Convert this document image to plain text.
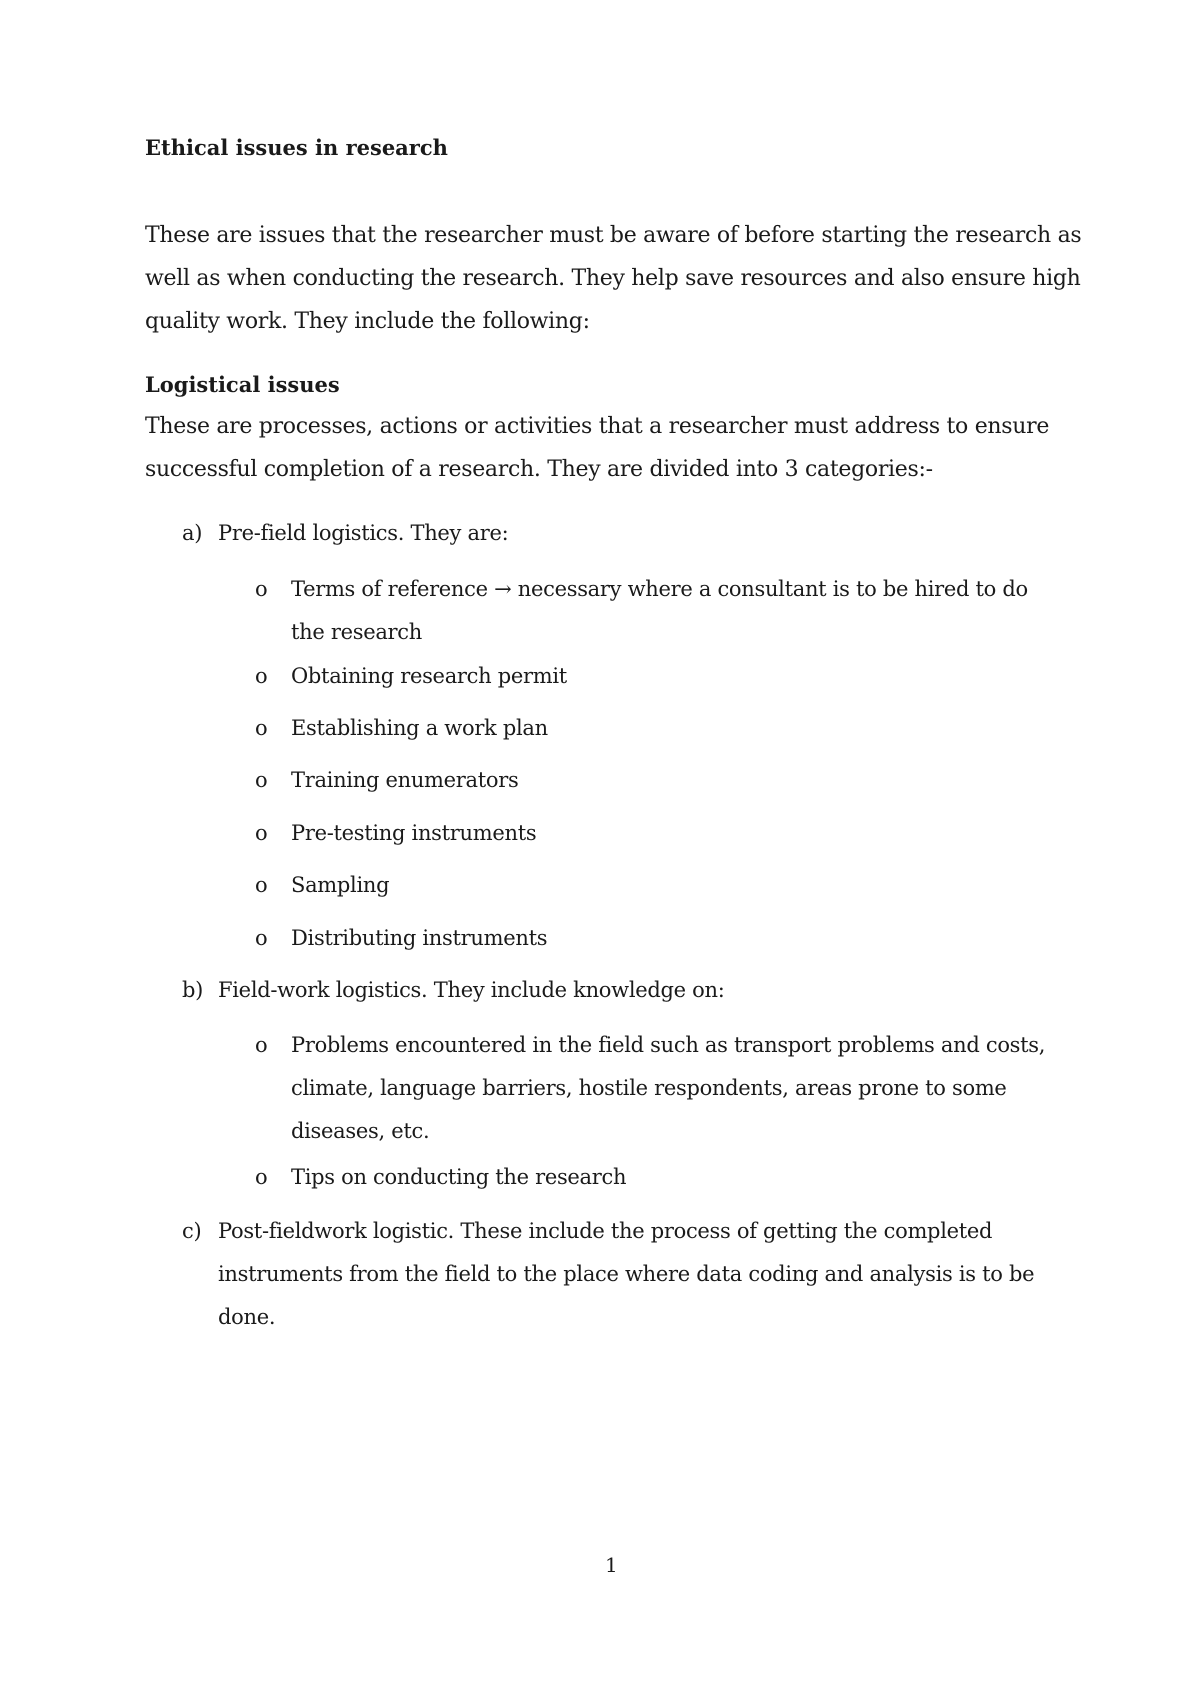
Ethical issues in research

These are issues that the researcher must be aware of before starting the research as well as when conducting the research. They help save resources and also ensure high quality work. They include the following:

Logistical issues

These are processes, actions or activities that a researcher must address to ensure successful completion of a research. They are divided into 3 categories:-

a) Pre-field logistics. They are:
o	Terms of reference → necessary where a consultant is to be hired to do the research
o	Obtaining research permit
o	Establishing a work plan
o	Training enumerators
o	Pre-testing instruments
o	Sampling
o	Distributing instruments
b) Field-work logistics. They include knowledge on:
o	Problems encountered in the field such as transport problems and costs, climate, language barriers, hostile respondents, areas prone to some diseases, etc.
o	Tips on conducting the research
c) Post-fieldwork logistic. These include the process of getting the completed instruments from the field to the place where data coding and analysis is to be done.
1
